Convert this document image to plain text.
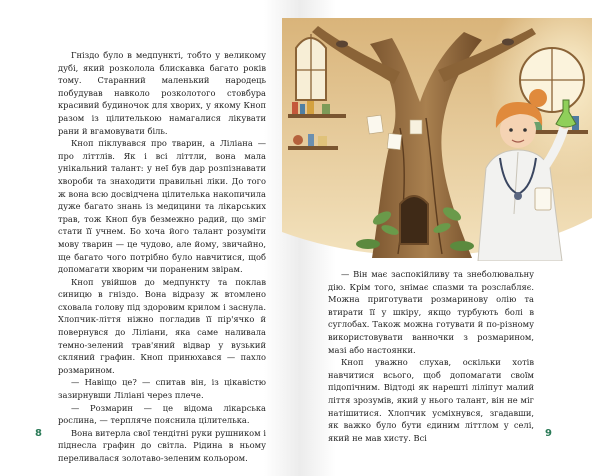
Гніздо було в медпункті, тобто у великому дубі, який розколола блискавка багато років тому. Старанний маленький народець побудував навколо розколотого стовбура красивий будиночок для хворих, у якому Кноп разом із цілителькою намагалися лікувати рани й вгамовувати біль.

Кноп піклувався про тварин, а Ліліана — про літтлів. Як і всі літтли, вона мала унікальний талант: у неї був дар розпізнавати хвороби та знаходити правильні ліки. До того ж вона всю досвідчена цілителька накопичила дуже багато знань із медицини та лікарських трав, тож Кноп був безмежно радий, що зміг стати її учнем. Бо хоча його талант розуміти мову тварин — це чудово, але йому, звичайно, ще багато чого потрібно було навчитися, щоб допомагати хворим чи пораненим звірам.

Кноп увійшов до медпункту та поклав синицю в гніздо. Вона відразу ж втомлено сховала голову під здоровим крилом і заснула. Хлопчик-ліття ніжно погладив її пір'ячко й повернувся до Ліліани, яка саме наливала темно-зелений трав'яний відвар у вузький скляний графин. Кноп принюхався — пахло розмарином.

— Навіщо це? — спитав він, із цікавістю зазирнувши Ліліані через плече.

— Розмарин — це відома лікарська рослина, — терпляче пояснила цілителька.

Вона витерла свої тендітні руки рушником і піднесла графин до світла. Рідина в ньому переливалася золотаво-зеленим кольором.

8

— Він має заспокійливу та знеболювальну дію. Крім того, знімає спазми та розслабляє. Можна приготувати розмаринову олію та втирати її у шкіру, якщо турбують болі в суглобах. Також можна готувати й по-різному використовувати ванночки з розмарином, мазі або настоянки.

Кноп уважно слухав, оскільки хотів навчитися всього, щоб допомагати своїм підопічним. Відтоді як нарешті ліліпут малий ліття зрозумів, який у нього талант, він не міг натішитися. Хлопчик усміхнувся, згадавши, як важко було бути єдиним літтлом у селі, який не мав хисту. Всі	9
